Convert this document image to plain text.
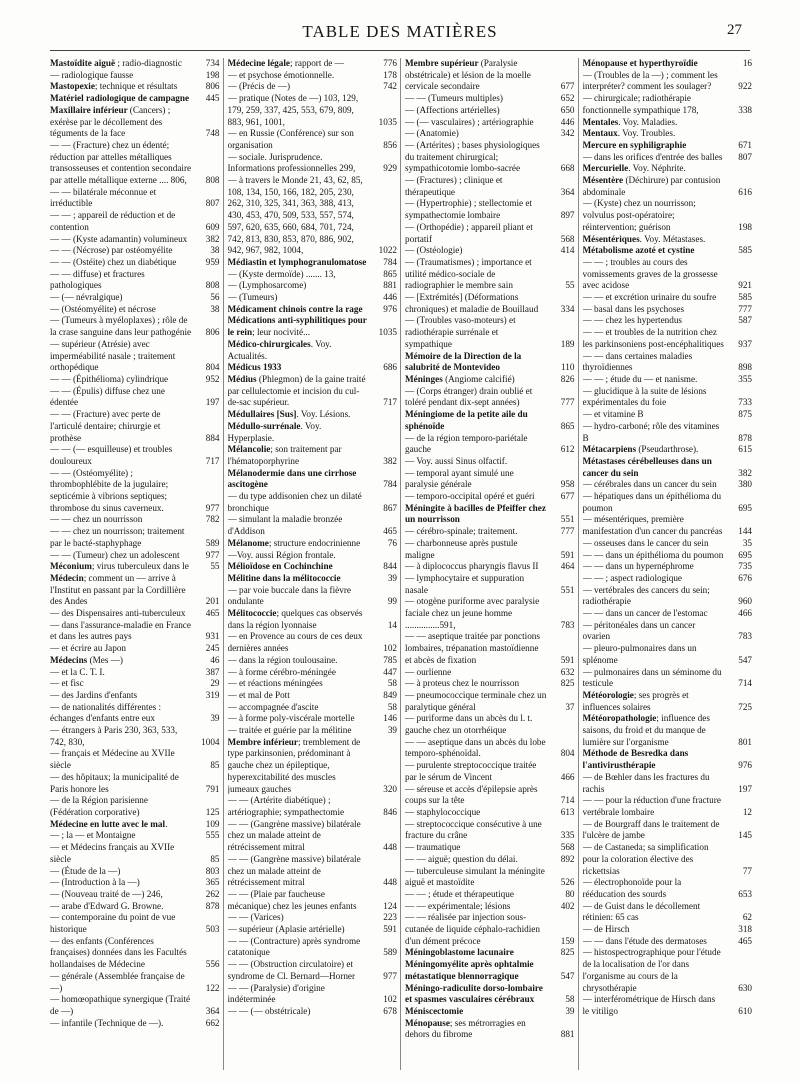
TABLE DES MATIÈRES	27
Mastoïdite aiguë ; radio-diagnostic	734
— radiologique fausse	198
Mastopexie; technique et résultats	806
Matériel radiologique de campagne 445
Maxillaire inférieur (Cancers) ; exérèse par le décollement des téguments de la face	748
— — (Fracture) chez un édenté; réduction par attelles métalliques transosseuses et contention secondaire par attelle métallique externe .... 806, 808
— — bilatérale méconnue et irréductible	807
— — ; appareil de réduction et de contention	609
— — (Kyste adamantin) volumineux 382
— — (Nécrose) par ostéomyélite	38
— — (Ostéite) chez un diabétique	959
— — diffuse) et fractures pathologiques	808
— (— névralgique)	56
— (Ostéomyélite) et nécrose	38
— (Tumeurs à myéloplaxes) ; rôle de la crase sanguine dans leur pathogénie 806
— supérieur (Atrésie) avec imperméabilité nasale ; traitement orthopédique	804
— — (Épithélioma) cylindrique	952
— — (Épulis) diffuse chez une édentée	197
— — (Fracture) avec perte de l'articulé dentaire; chirurgie et prothèse	884
— — (— esquilleuse) et troubles douloureux	717
— — (Ostéomyélite) ; thrombophlébite de la jugulaire; septicémie à vibrions septiques; thrombose du sinus caverneux.	977
— — chez un nourrisson	782
— — chez un nourrisson; traitement par le bacté-staphyphage	589
— — (Tumeur) chez un adolescent	977
Méconium; virus tuberculeux dans le 55
Médecin; comment un — arrive à l'Institut en passant par la Cordillière des Andes	201
— des Dispensaires anti-tuberculeux 465
— dans l'assurance-maladie en France et dans les autres pays	931
— et écrire au Japon	245
Médecins (Mes —)	46
— et la C. T. I.	387
— et fisc	29
— des Jardins d'enfants	319
— de nationalités différentes : échanges d'enfants entre eux	39
— étrangers à Paris 230, 363, 533, 742, 830,	1004
— français et Médecine au XVIIe siècle	85
— des hôpitaux; la municipalité de Paris honore les	791
— de la Région parisienne (Fédération corporative)	125
Médecine en lutte avec le mal.	109
— ; la — et Montaigne	555
— et Médecins français au XVIIe siècle	85
— (Étude de la —)	803
— (Introduction à la —)	365
— (Nouveau traité de —) 246,	262
— arabe d'Edward G. Browne.	878
— contemporaine du point de vue historique	503
— des enfants (Conférences françaises) données dans les Facultés hollandaises de Médecine	556
— générale (Assemblée française de —)	122
— homœopathique synergique (Traité de —)	364
— infantile (Technique de —).	662
Médecine légale; rapport de —	776
— et psychose émotionnelle.	178
— (Précis de —)	742
— pratique (Notes de —) 103, 129, 179, 259, 337, 425, 553, 679, 809, 883, 961, 1001,	1035
— en Russie (Conférence) sur son organisation	856
— sociale. Jurisprudence. Informations professionnelles 299,	929
— à travers le Monde 21, 43, 62, 85, 108, 134, 150, 166, 182, 205, 230, 262, 310, 325, 341, 363, 388, 413, 430, 453, 470, 509, 533, 557, 574, 597, 620, 635, 660, 684, 701, 724, 742, 813, 830, 853, 870, 886, 902, 942, 967, 982, 1004,	1022
Médiastin et lymphogranulomatose 784
— (Kyste dermoïde) ....... 13,	865
— (Lymphosarcome)	881
— (Tumeurs)	446
Médicament chinois contre la rage 976
Médications anti-syphilitiques pour le rein; leur nocivité...	1035
Médico-chirurgicales. Voy. Actualités.
Médicus 1933	686
Médius (Phlegmon) de la gaine traité par cellulectomie et incision du cul-de-sac supérieur.	717
Médullaires [Sus]. Voy. Lésions.
Médullo-surrénale. Voy. Hyperplasie.
Mélancolie; son traitement par l'hématoporphyrine	382
Mélanodermie dans une cirrhose ascitogène	784
— du type addisonien chez un dilaté bronchique	867
— simulant la maladie bronzée d'Addison	465
Mélanome; structure endocrinienne	76
—Voy. aussi Région frontale.
Mélioïdose en Cochinchine	844
Mélitine dans la mélitococcie	39
— par voie buccale dans la fièvre ondulante	99
Mélitococcie; quelques cas observés dans la région lyonnaise	14
— en Provence au cours de ces deux dernières années	102
— dans la région toulousaine.	785
— à forme cérébro-méningée	447
— et réactions méningées	58
— et mal de Pott	849
— accompagnée d'ascite	58
— à forme poly-viscérale mortelle	146
— traitée et guérie par la mélitine	39
Membre inférieur; tremblement de type parkinsonien, prédominant à gauche chez un épileptique, hyperexcitabilité des muscles jumeaux gauches	320
— — (Artérite diabétique) ; artériographie; sympathectomie	846
— — (Gangrène massive) bilatérale chez un malade atteint de rétrécissement mitral	448
— — (Gangrène massive) bilatérale chez un malade atteint de rétrécissement mitral	448
— — (Plaie par faucheuse mécanique) chez les jeunes enfants	124
— — (Varices)	223
— supérieur (Aplasie artérielle)	591
— — (Contracture) après syndrome catatonique	589
— — (Obstruction circulatoire) et syndrome de Cl. Bernard—Horner	977
— — (Paralysie) d'origine indéterminée	102
— — (— obstétricale)	678
Membre supérieur (Paralysie obstétricale) et lésion de la moelle cervicale secondaire	677
— — (Tumeurs multiples)	652
— (Affections artérielles)	650
— (— vasculaires) ; artériographie	446
— (Anatomie)	342
— (Artérites) ; bases physiologiques du traitement chirurgical; sympathicotomie lombo-sacrée	668
— (Fractures) ; clinique et thérapeutique	364
— (Hypertrophie) ; stellectomie et sympathectomie lombaire	897
— (Orthopédie) ; appareil pliant et portatif	568
— (Ostéologie)	414
— (Traumatismes) ; importance et utilité médico-sociale de radiographier le membre sain	55
— [Extrémités] (Déformations chroniques) et maladie de Bouillaud 334
— (Troubles vaso-moteurs) et radiothérapie surrénale et sympathique	189
Mémoire de la Direction de la salubrité de Montevideo	110
Méninges (Angiome calcifié)	826
— (Corps étranger) drain oublié et toléré pendant dix-sept années)	777
Méningiome de la petite aile du sphénoïde	865
— de la région temporo-pariétale gauche	612
— Voy. aussi Sinus olfactif.
— temporal ayant simulé une paralysie générale	958
— temporo-occipital opéré et guéri	677
Méningite à bacilles de Pfeiffer chez un nourrisson	551
— cérébro-spinale; traitement.	777
— charbonneuse après pustule maligne	591
— à diplococcus pharyngis flavus II 464
— lymphocytaire et suppuration nasale	551
— otogène puriforme avec paralysie faciale chez un jeune homme ...............591,	783
— — aseptique traitée par ponctions lombaires, trépanation mastoïdienne et abcès de fixation	591
— ourlienne	632
— à proteus chez le nourrisson	825
— pneumococcique terminale chez un paralytique général	37
— puriforme dans un abcès du l. t. gauche chez un otorrhéique
— — aseptique dans un abcès du lobe temporo-sphénoïdal.	804
— purulente streptococcique traitée par le sérum de Vincent	466
— séreuse et accès d'épilepsie après coups sur la tête	714
— staphylococcique	613
— streptococcique consécutive à une fracture du crâne	335
— traumatique	568
— — aiguë; question du délai.	892
— tuberculeuse simulant la méningite aiguë et mastoïdite	526
— — ; étude et thérapeutique	80
— — expérimentale; lésions	402
— — réalisée par injection sous-cutanée de liquide céphalo-rachidien d'un dément précoce	159
Méningoblastome lacunaire	825
Méningomyélite après ophtalmie métastatique blennorragique	547
Méningo-radiculite dorso-lombaire et spasmes vasculaires cérébraux	58
Méniscectomie	39
Ménopause; ses métrorragies en dehors du fibrome	881
Ménopause et hyperthyroïdie	16
— (Troubles de la —) ; comment les interpréter? comment les soulager?	922
— chirurgicale; radiothérapie fonctionnelle sympathique 178,	338
Mentales. Voy. Maladies.
Mentaux. Voy. Troubles.
Mercure en syphiligraphie	671
— dans les orifices d'entrée des balles 807
Mercurielle. Voy. Néphrite.
Mésentère (Déchirure) par contusion abdominale	616
— (Kyste) chez un nourrisson; volvulus post-opératoire; réintervention; guérison	198
Mésentériques. Voy. Métastases.
Métabolisme azoté et cystine	585
— — ; troubles au cours des vomissements graves de la grossesse avec acidose	921
— — et excrétion urinaire du soufre 585
— basal dans les psychoses	777
— — chez les hypertendus	587
— — et troubles de la nutrition chez les parkinsoniens post-encéphalitiques 937
— — dans certaines maladies thyroïdiennes	898
— — ; étude du — et nanisme.	355
— glucidique à la suite de lésions expérimentales du foie	733
— et vitamine B	875
— hydro-carboné; rôle des vitamines B	878
Métacarpiens (Pseudarthrose).	615
Métastases cérébelleuses dans un cancer du sein	382
— cérébrales dans un cancer du sein 380
— hépatiques dans un épithélioma du poumon	695
— mésentériques, première manifestation d'un cancer du pancréas 144
— osseuses dans le cancer du sein	35
— — dans un épithélioma du poumon 695
— — dans un hypernéphrome	735
— — ; aspect radiologique	676
— vertébrales des cancers du sein; radiothérapie	960
— — dans un cancer de l'estomac	466
— péritonéales dans un cancer ovarien	783
— pleuro-pulmonaires dans un splénome	547
— pulmonaires dans un séminome du testicule	714
Météorologie; ses progrès et influences solaires	725
Météoropathologie; influence des saisons, du froid et du manque de lumière sur l'organisme	801
Méthode de Besredka dans l'antivirusthérapie	976
— de Bœhler dans les fractures du rachis	197
— — pour la réduction d'une fracture vertébrale lombaire	12
— de Bourgraff dans le traitement de l'ulcère de jambe	145
— de Castaneda; sa simplification pour la coloration élective des rickettsias	77
— électrophonoïde pour la rééducation des sourds	653
— de Guist dans le décollement rétinien: 65 cas	62
— de Hirsch	318
— — dans l'étude des dermatoses	465
— histospectrographique pour l'étude de la localisation de l'or dans l'organisme au cours de la chrysothérapie	630
— interférométrique de Hirsch dans le vitiligo	610
